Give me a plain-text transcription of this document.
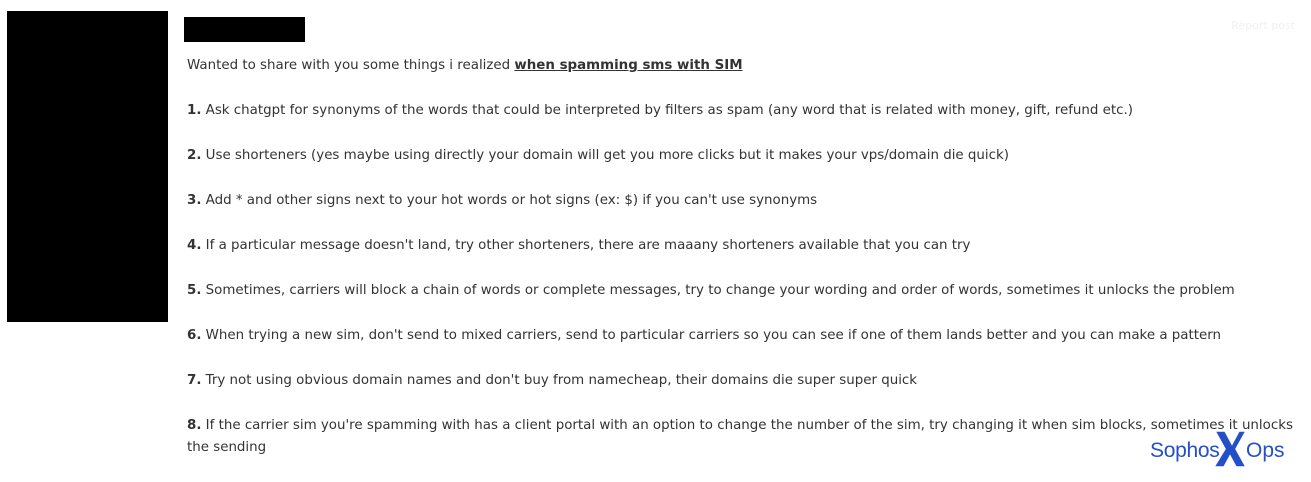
Report post

Wanted to share with you some things i realized when spamming sms with SIM

1. Ask chatgpt for synonyms of the words that could be interpreted by filters as spam (any word that is related with money, gift, refund etc.)

2. Use shorteners (yes maybe using directly your domain will get you more clicks but it makes your vps/domain die quick)

3. Add * and other signs next to your hot words or hot signs (ex: $) if you can't use synonyms

4. If a particular message doesn't land, try other shorteners, there are maaany shorteners available that you can try

5. Sometimes, carriers will block a chain of words or complete messages, try to change your wording and order of words, sometimes it unlocks the problem

6. When trying a new sim, don't send to mixed carriers, send to particular carriers so you can see if one of them lands better and you can make a pattern

7. Try not using obvious domain names and don't buy from namecheap, their domains die super super quick

8. If the carrier sim you're spamming with has a client portal with an option to change the number of the sim, try changing it when sim blocks, sometimes it unlocks the sending	Sophos Ops
